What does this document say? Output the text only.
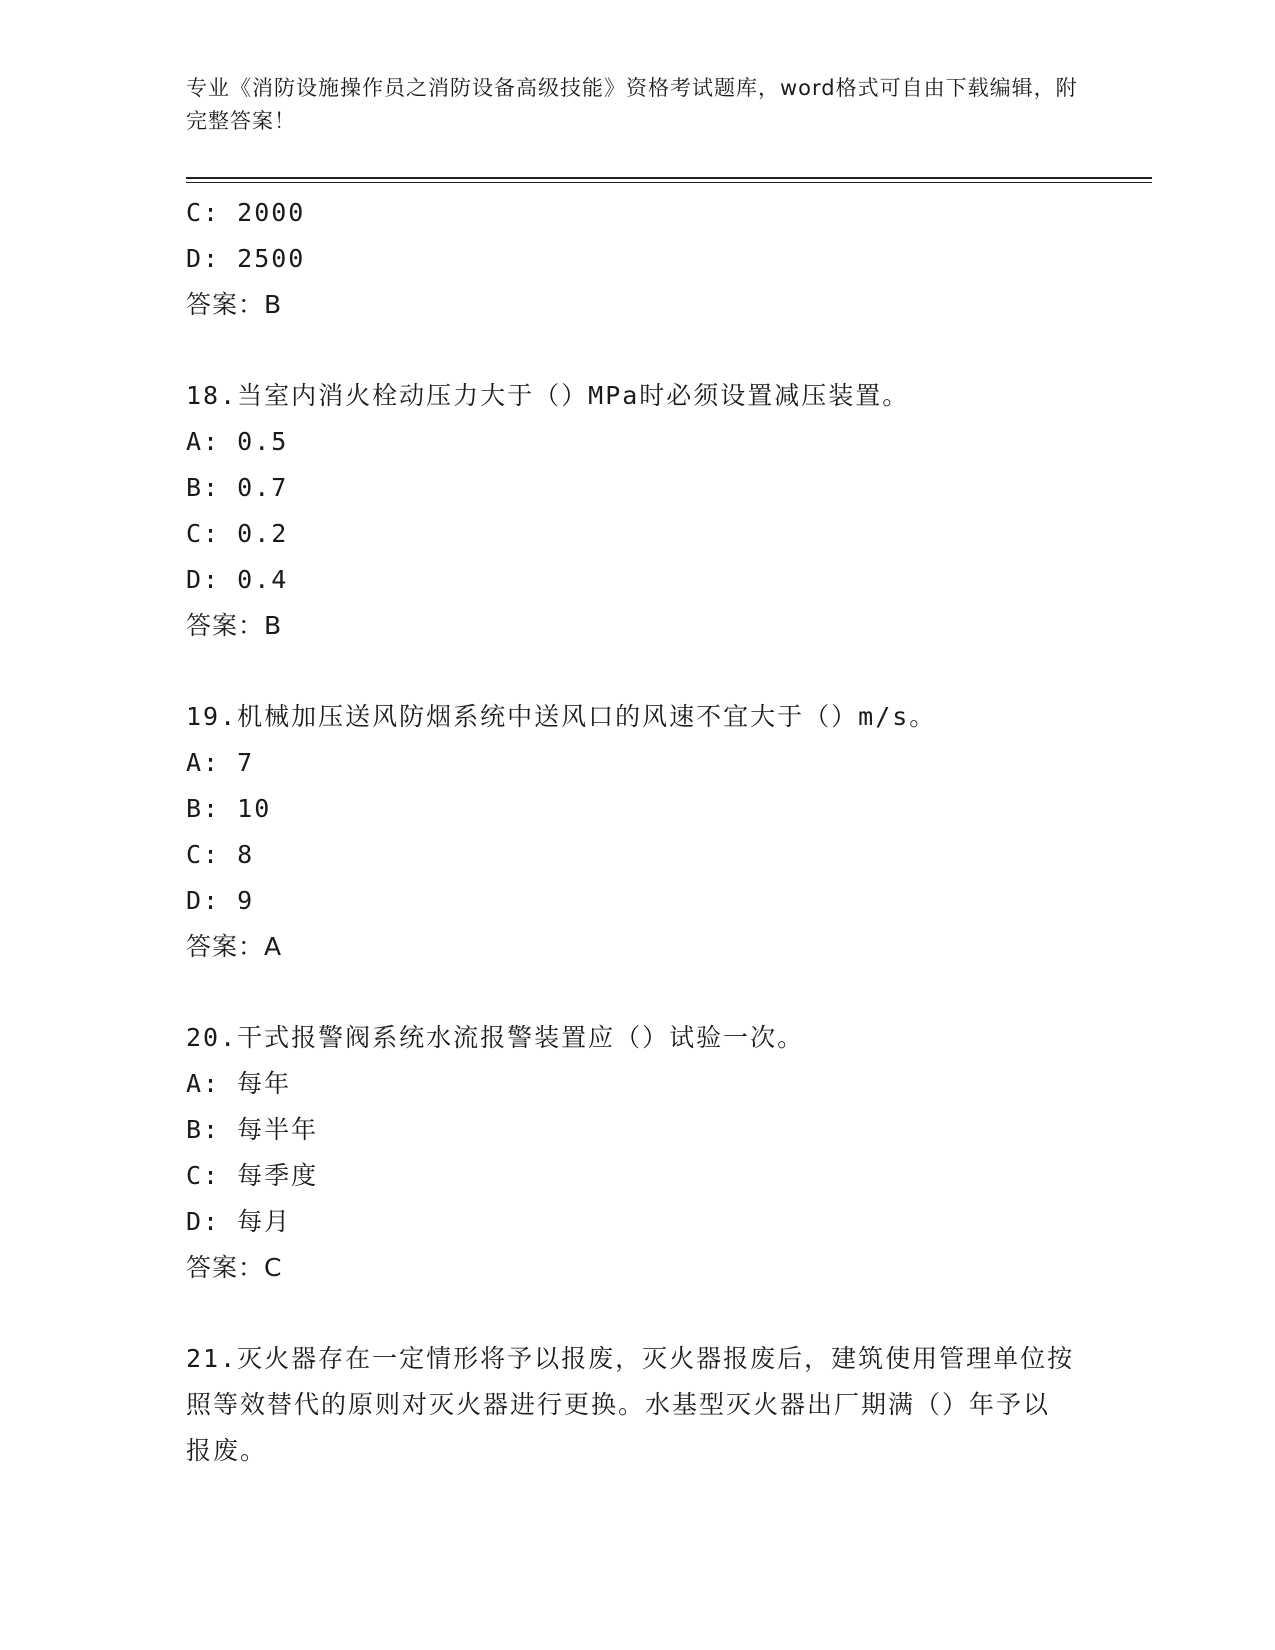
专业《消防设施操作员之消防设备高级技能》资格考试题库，word格式可自由下载编辑，附完整答案！
C: 2000
D: 2500
答案：B
18.当室内消火栓动压力大于（）MPa时必须设置减压装置。
A: 0.5
B: 0.7
C: 0.2
D: 0.4
答案：B
19.机械加压送风防烟系统中送风口的风速不宜大于（）m/s。
A: 7
B: 10
C: 8
D: 9
答案：A
20.干式报警阀系统水流报警装置应（）试验一次。
A: 每年
B: 每半年
C: 每季度
D: 每月
答案：C
21.灭火器存在一定情形将予以报废，灭火器报废后，建筑使用管理单位按照等效替代的原则对灭火器进行更换。水基型灭火器出厂期满（）年予以报废。
